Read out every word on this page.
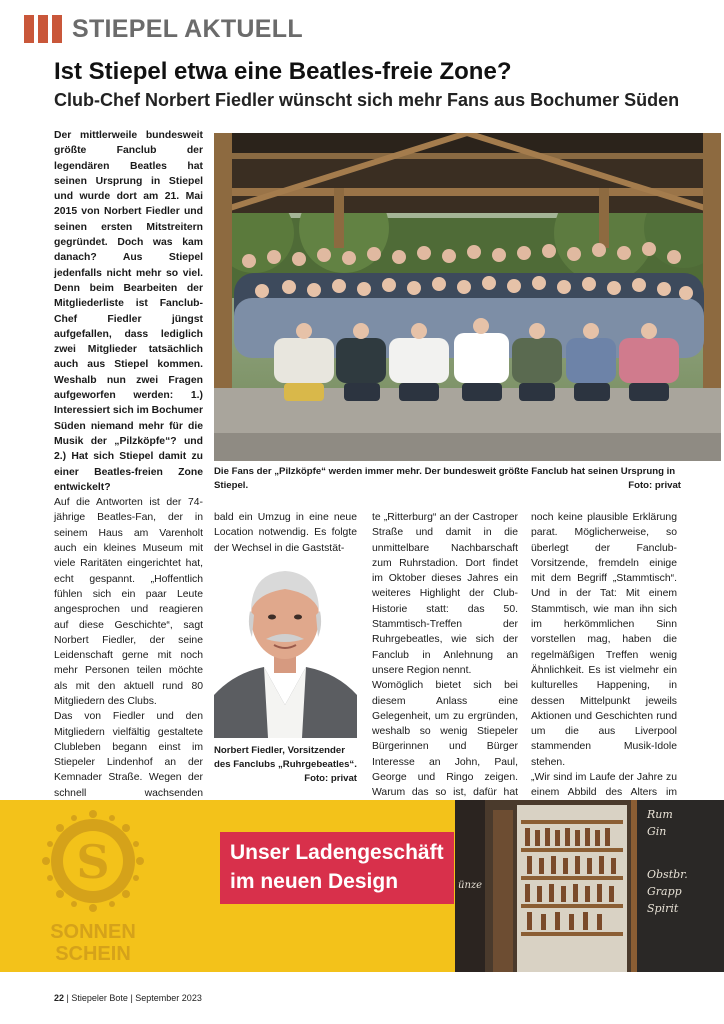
STIEPEL AKTUELL
Ist Stiepel etwa eine Beatles-freie Zone?
Club-Chef Norbert Fiedler wünscht sich mehr Fans aus Bochumer Süden

Der mittlerweile bundesweit größte Fanclub der legendären Beatles hat seinen Ursprung in Stiepel und wurde dort am 21. Mai 2015 von Norbert Fiedler und seinen ersten Mitstreitern gegründet. Doch was kam danach? Aus Stiepel jedenfalls nicht mehr so viel. Denn beim Bearbeiten der Mitgliederliste ist Fanclub-Chef Fiedler jüngst aufgefallen, dass lediglich zwei Mitglieder tatsächlich auch aus Stiepel kommen. Weshalb nun zwei Fragen aufgeworfen werden: 1.) Interessiert sich im Bochumer Süden niemand mehr für die Musik der „Pilzköpfe“? und 2.) Hat sich Stiepel damit zu einer Beatles-freien Zone entwickelt?

Auf die Antworten ist der 74-jährige Beatles-Fan, der in seinem Haus am Varenholt auch ein kleines Museum mit viele Raritäten eingerichtet hat, echt gespannt. „Hoffentlich fühlen sich ein paar Leute angesprochen und reagieren auf diese Geschichte“, sagt Norbert Fiedler, der seine Leidenschaft gerne mit noch mehr Personen teilen möchte als mit den aktuell rund 80 Mitgliedern des Clubs.

Das von Fiedler und den Mitgliedern vielfältig gestaltete Clubleben begann einst im Stiepeler Lindenhof an der Kemnader Straße. Wegen der schnell wachsenden

Die Fans der „Pilzköpfe“ werden immer mehr. Der bundesweit größte Fanclub hat seinen Ursprung in Stiepel.	Foto: privat

bald ein Umzug in eine neue Location notwendig. Es folgte der Wechsel in die Gaststät-

Norbert Fiedler, Vorsitzender des Fanclubs „Ruhrgebeatles“.
Foto: privat

te „Ritterburg“ an der Castroper Straße und damit in die unmittelbare Nachbarschaft zum Ruhrstadion. Dort findet im Oktober dieses Jahres ein weiteres Highlight der Club-Historie statt: das 50. Stammtisch-Treffen der Ruhrgebeatles, wie sich der Fanclub in Anlehnung an unsere Region nennt.

Womöglich bietet sich bei diesem Anlass eine Gelegenheit, um zu ergründen, weshalb so wenig Stiepeler Bürgerinnen und Bürger Interesse an John, Paul, George und Ringo zeigen. Warum das so ist, dafür hat

noch keine plausible Erklärung parat. Möglicherweise, so überlegt der Fanclub-Vorsitzende, fremdeln einige mit dem Begriff „Stammtisch“. Und in der Tat: Mit einem Stammtisch, wie man ihn sich im herkömmlichen Sinn vorstellen mag, haben die regelmäßigen Treffen wenig Ähnlichkeit. Es ist vielmehr ein kulturelles Happening, in dessen Mittelpunkt jeweils Aktionen und Geschichten rund um die aus Liverpool stammenden Musik-Idole stehen.

„Wir sind im Laufe der Jahre zu einem Abbild des Alters im

S
SONNEN
SCHEIN
Unser Ladengeschäft
im neuen Design
Rum
Gin
Obstbr.
Grapp
Spirit
ünze
22 | Stiepeler Bote | September 2023
